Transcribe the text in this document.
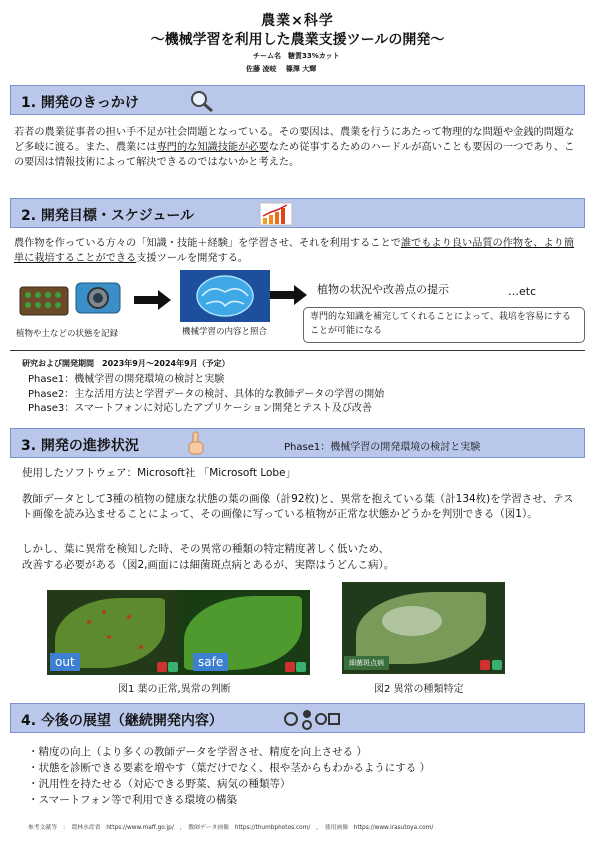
農業×科学
～機械学習を利用した農業支援ツールの開発～
チーム名　糖質33%カット
佐藤 凌岐　 篠澤 大輝
1. 開発のきっかけ
若者の農業従事者の担い手不足が社会問題となっている。その要因は、農業を行うにあたって物理的な問題や金銭的問題など多岐に渡る。また、農業には専門的な知識技能が必要なため従事するためのハードルが高いことも要因の一つであり、この要因は情報技術によって解決できるのではないかと考えた。
2. 開発目標・スケジュール
農作物を作っている方々の「知識・技能＋経験」を学習させ、それを利用することで誰でもより良い品質の作物を、より簡単に栽培することができる支援ツールを開発する。
植物や土などの状態を記録	機械学習の内容と照合
植物の状況や改善点の提示	…etc
専門的な知識を補完してくれることによって、栽培を容易にすることが可能になる
研究および開発期間　2023年9月～2024年9月（予定）
Phase1：機械学習の開発環境の検討と実験
Phase2：主な活用方法と学習データの検討、具体的な教師データの学習の開始
Phase3：スマートフォンに対応したアプリケーション開発とテスト及び改善
3. 開発の進捗状況	Phase1：機械学習の開発環境の検討と実験
使用したソフトウェア：Microsoft社 「Microsoft Lobe」
教師データとして3種の植物の健康な状態の葉の画像（計92枚)と、異常を抱えている葉（計134枚)を学習させ、テスト画像を読み込ませることによって、その画像に写っている植物が正常な状態かどうかを判別できる（図1）。
しかし、葉に異常を検知した時、その異常の種類の特定精度著しく低いため、
改善する必要がある（図2,画面には細菌斑点病とあるが、実際はうどんこ病）。
out	safe
図1 葉の正常,異常の判断
細菌斑点病
図2 異常の種類特定
4. 今後の展望（継続開発内容）
・精度の向上（より多くの教師データを学習させ、精度を向上させる ）
・状態を診断できる要素を増やす（葉だけでなく、根や茎からもわかるようにする ）
・汎用性を持たせる（対応できる野菜、病気の種類等）
・スマートフォン等で利用できる環境の構築
参考文献等　：　農林水産省　https://www.maff.go.jp/　，　教師データ画像　https://thumbphotos.com/　，　使用画像　https://www.irasutoya.com/
